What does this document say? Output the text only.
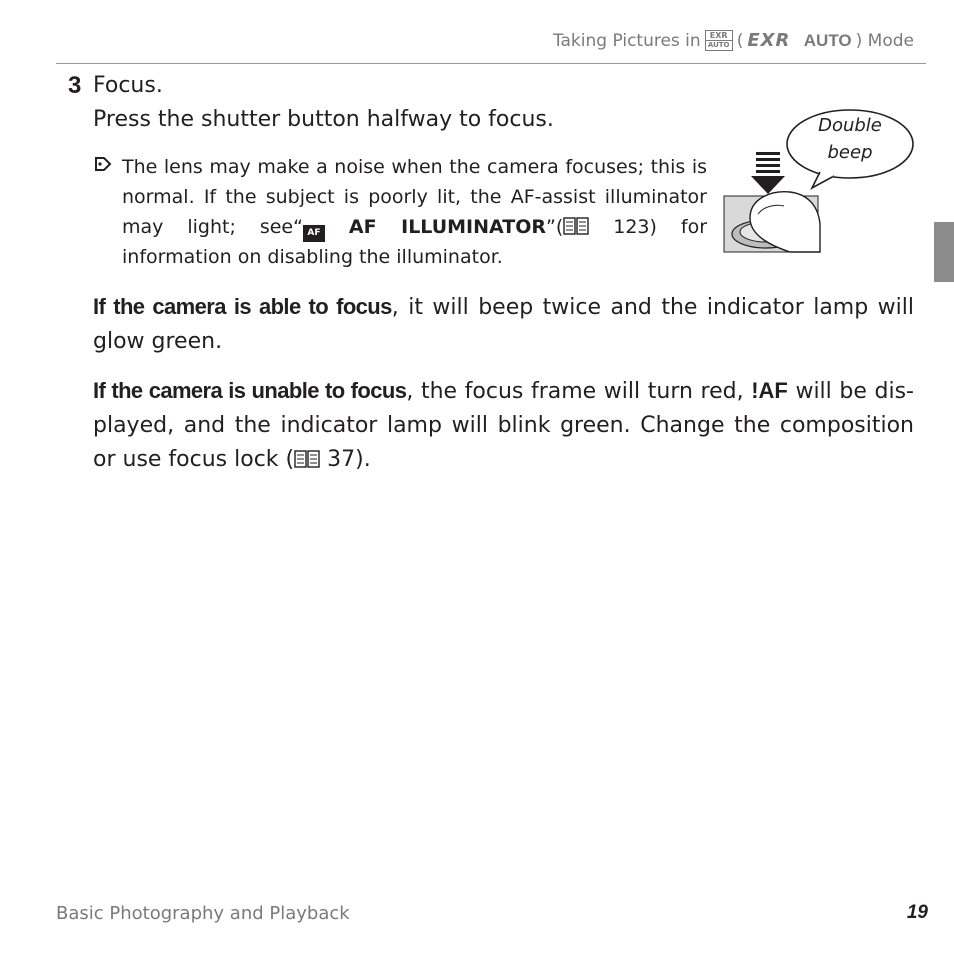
Taking Pictures in EXR
AUTO ( EXR
AUTO ) Mode
3 Focus.
Press the shutter button halfway to focus.
The lens may make a noise when the camera focuses; this is normal. If the subject is poorly lit, the AF-assist illuminator may light; see“ AF AF ILLUMINATOR”(	123) for information on disabling the illuminator.
Double
beep
If the camera is able to focus, it will beep twice and the indicator lamp will glow green.
If the camera is unable to focus, the focus frame will turn red, !AF will be dis-played, and the indicator lamp will blink green. Change the composition or use focus lock ( 37).
Basic Photography and Playback	19
